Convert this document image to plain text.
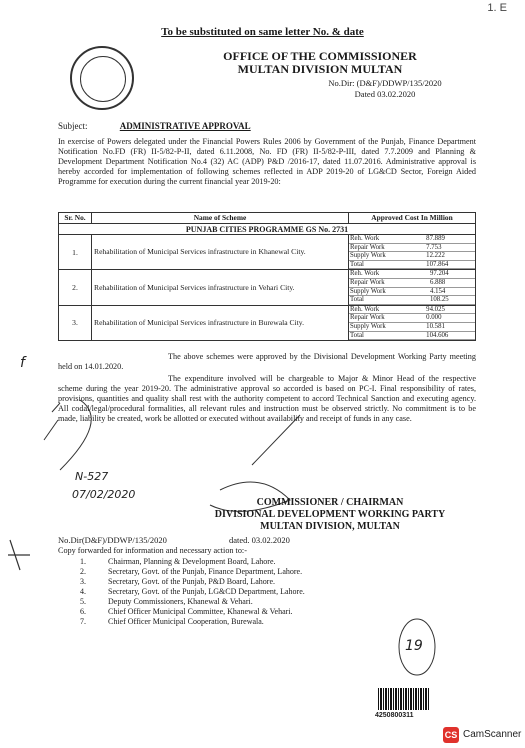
1. E
To be substituted on same letter No. & date
OFFICE OF THE COMMISSIONER
MULTAN DIVISION MULTAN
No.Dir: (D&F)/DDWP/135/2020
Dated 03.02.2020
Subject:	ADMINISTRATIVE APPROVAL
In exercise of Powers delegated under the Financial Powers Rules 2006 by Government of the Punjab, Finance Department Notification No.FD (FR) II-5/82-P-II, dated 6.11.2008, No. FD (FR) II-5/82-P-III, dated 7.7.2009 and Planning & Development Department Notification No.4 (32) AC (ADP) P&D /2016-17, dated 11.07.2016. Administrative approval is hereby accorded for implementation of following schemes reflected in ADP 2019-20 of LG&CD Sector, Foreign Aided Programme for execution during the current financial year 2019-20:
Sr. No.	Name of Scheme	Approved Cost In Million
PUNJAB CITIES PROGRAMME GS No. 2731
1.	Rehabilitation of Municipal Services infrastructure in Khanewal City.	
Reh. Work	87.889
Repair Work	7.753
Supply Work	12.222
Total	107.864

2.	Rehabilitation of Municipal Services infrastructure in Vehari City.	
Reh. Work	97.204
Repair Work	6.888
Supply Work	4.154
Total	108.25

3.	Rehabilitation of Municipal Services infrastructure in Burewala City.	
Reh. Work	94.025
Repair Work	0.000
Supply Work	10.581
Total	104.606
The above schemes were approved by the Divisional Development Working Party meeting held on 14.01.2020.
The expenditure involved will be chargeable to Major & Minor Head of the respective scheme during the year 2019-20. The administrative approval so accorded is based on PC-I. Final responsibility of rates, provisions, quantities and quality shall rest with the authority competent to accord Technical Sanction and executing agency. All codal/legal/procedural formalities, all relevant rules and instruction must be observed strictly. No commitment is to be made, liability be created, work be allotted or executed without availability and receipt of funds in any case.
N-527
07/02/2020
f
19
COMMISSIONER / CHAIRMAN
DIVISIONAL DEVELOPMENT WORKING PARTY
MULTAN DIVISION, MULTAN
No.Dir(D&F)/DDWP/135/2020	dated. 03.02.2020
Copy forwarded for information and necessary action to:-
1.	Chairman, Planning & Development Board, Lahore.
2.	Secretary, Govt. of the Punjab, Finance Department, Lahore.
3.	Secretary, Govt. of the Punjab, P&D Board, Lahore.
4.	Secretary, Govt. of the Punjab, LG&CD Department, Lahore.
5.	Deputy Commissioners, Khanewal & Vehari.
6.	Chief Officer Municipal Committee, Khanewal & Vehari.
7.	Chief Officer Municipal Cooperation, Burewala.
4250800311
CS CamScanner
